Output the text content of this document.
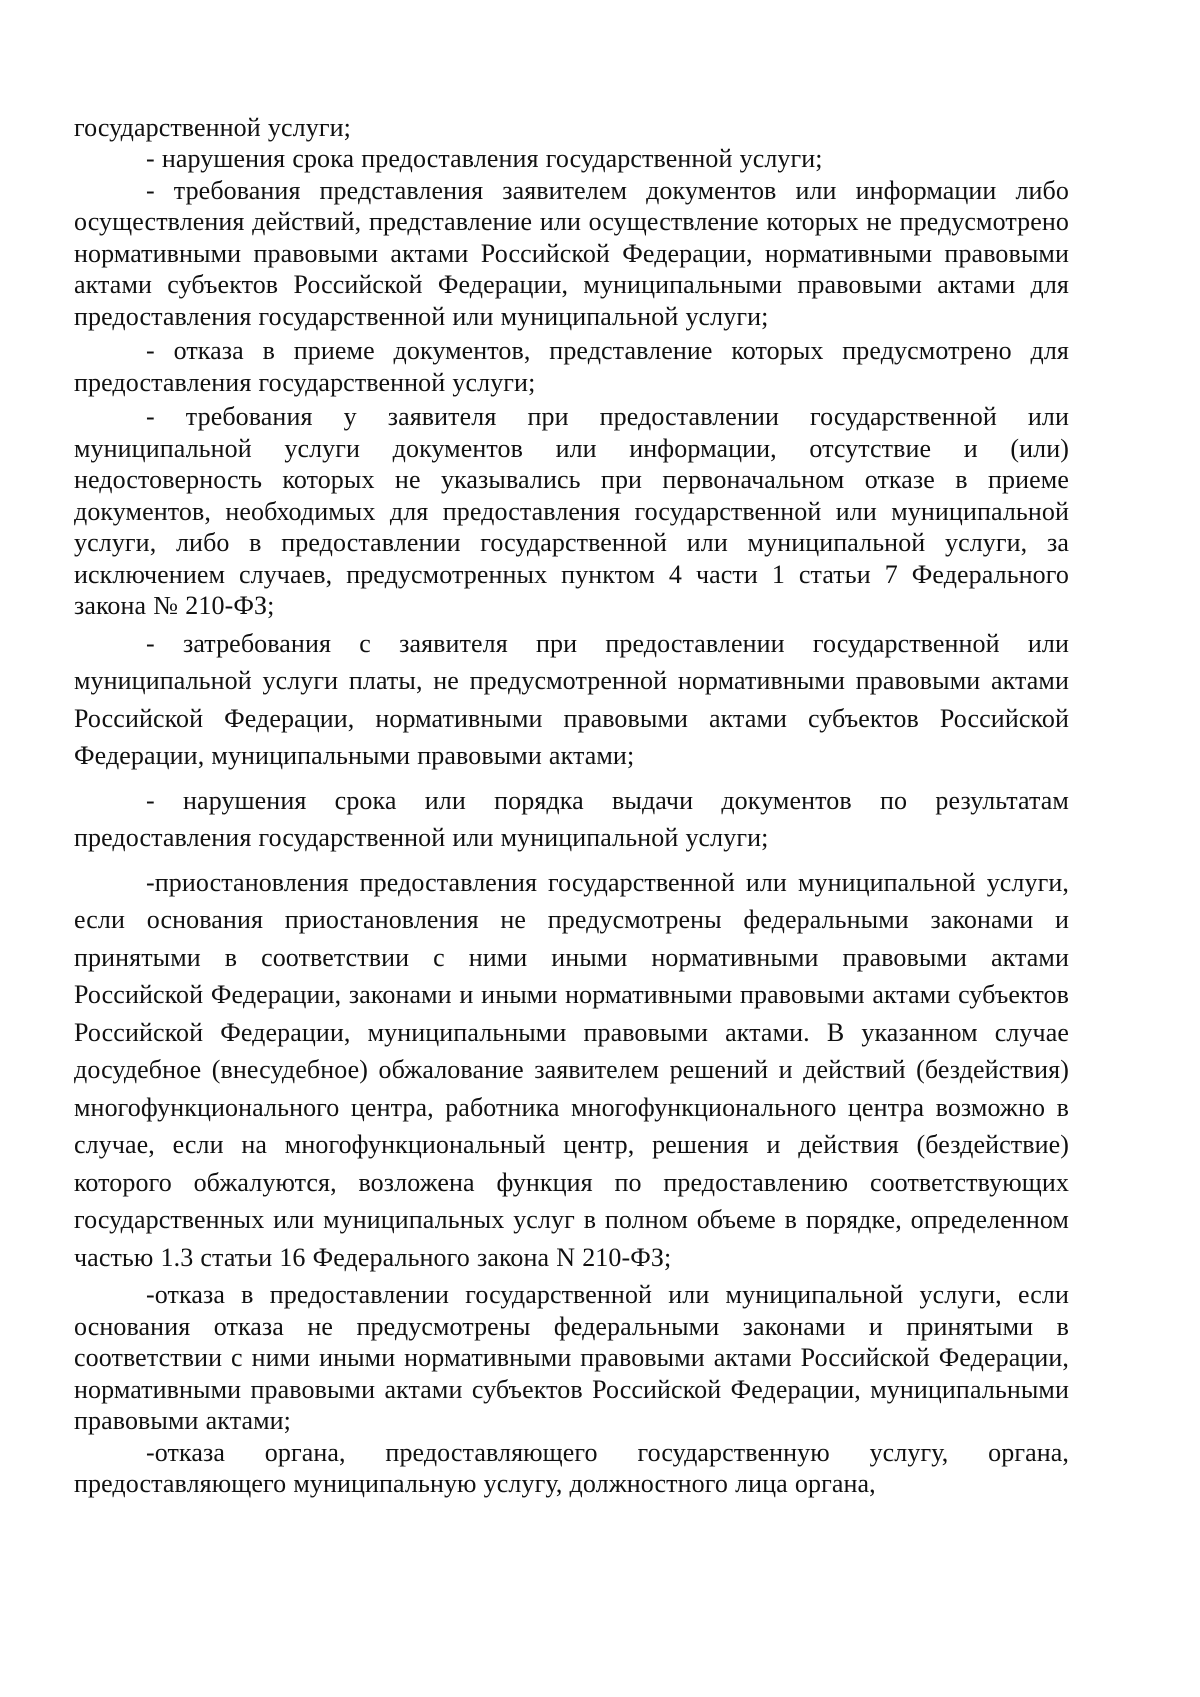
государственной услуги;

- нарушения срока предоставления государственной услуги;

- требования представления заявителем документов или информации либо осуществления действий, представление или осуществление которых не предусмотрено нормативными правовыми актами Российской Федерации, нормативными правовыми актами субъектов Российской Федерации, муниципальными правовыми актами для предоставления государственной или муниципальной услуги;

- отказа в приеме документов, представление которых предусмотрено для предоставления государственной услуги;

- требования у заявителя при предоставлении государственной или муниципальной услуги документов или информации, отсутствие и (или) недостоверность которых не указывались при первоначальном отказе в приеме документов, необходимых для предоставления государственной или муниципальной услуги, либо в предоставлении государственной или муниципальной услуги, за исключением случаев, предусмотренных пунктом 4 части 1 статьи 7 Федерального закона № 210-ФЗ;

- затребования с заявителя при предоставлении государственной или муниципальной услуги платы, не предусмотренной нормативными правовыми актами Российской Федерации, нормативными правовыми актами субъектов Российской Федерации, муниципальными правовыми актами;

- нарушения срока или порядка выдачи документов по результатам предоставления государственной или муниципальной услуги;

-приостановления предоставления государственной или муниципальной услуги, если основания приостановления не предусмотрены федеральными законами и принятыми в соответствии с ними иными нормативными правовыми актами Российской Федерации, законами и иными нормативными правовыми актами субъектов Российской Федерации, муниципальными правовыми актами. В указанном случае досудебное (внесудебное) обжалование заявителем решений и действий (бездействия) многофункционального центра, работника многофункционального центра возможно в случае, если на многофункциональный центр, решения и действия (бездействие) которого обжалуются, возложена функция по предоставлению соответствующих государственных или муниципальных услуг в полном объеме в порядке, определенном частью 1.3 статьи 16 Федерального закона N 210-ФЗ;

-отказа в предоставлении государственной или муниципальной услуги, если основания отказа не предусмотрены федеральными законами и принятыми в соответствии с ними иными нормативными правовыми актами Российской Федерации, нормативными правовыми актами субъектов Российской Федерации, муниципальными правовыми актами;

-отказа органа, предоставляющего государственную услугу, органа, предоставляющего муниципальную услугу, должностного лица органа,
